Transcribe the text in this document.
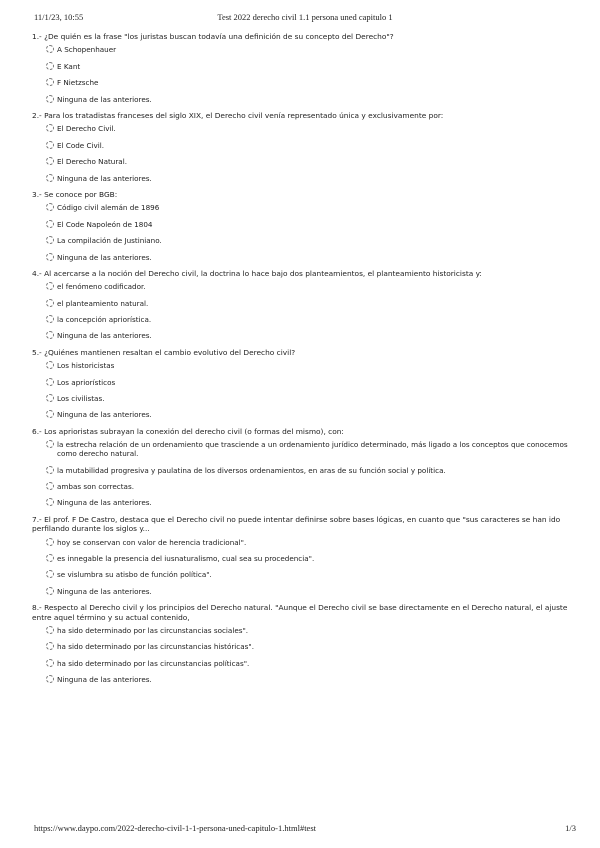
11/1/23, 10:55	Test 2022 derecho civil 1.1 persona uned capitulo 1

1.- ¿De quién es la frase "los juristas buscan todavía una definición de su concepto del Derecho"?

A Schopenhauer
E Kant
F Nietzsche
Ninguna de las anteriores.

2.- Para los tratadistas franceses del siglo XIX, el Derecho civil venía representado única y exclusivamente por:

El Derecho Civil.
El Code Civil.
El Derecho Natural.
Ninguna de las anteriores.

3.- Se conoce por BGB:

Código civil alemán de 1896
El Code Napoleón de 1804
La compilación de Justiniano.
Ninguna de las anteriores.

4.- Al acercarse a la noción del Derecho civil, la doctrina lo hace bajo dos planteamientos, el planteamiento historicista y:

el fenómeno codificador.
el planteamiento natural.
la concepción apriorística.
Ninguna de las anteriores.

5.- ¿Quiénes mantienen resaltan el cambio evolutivo del Derecho civil?

Los historicistas
Los apriorísticos
Los civilistas.
Ninguna de las anteriores.

6.- Los aprioristas subrayan la conexión del derecho civil (o formas del mismo), con:

la estrecha relación de un ordenamiento que trasciende a un ordenamiento jurídico determinado, más ligado a los conceptos que conocemos como derecho natural.
la mutabilidad progresiva y paulatina de los diversos ordenamientos, en aras de su función social y política.
ambas son correctas.
Ninguna de las anteriores.

7.- El prof. F De Castro, destaca que el Derecho civil no puede intentar definirse sobre bases lógicas, en cuanto que "sus caracteres se han ido perfilando durante los siglos y...

hoy se conservan con valor de herencia tradicional".
es innegable la presencia del iusnaturalismo, cual sea su procedencia".
se vislumbra su atisbo de función política".
Ninguna de las anteriores.

8.- Respecto al Derecho civil y los principios del Derecho natural. "Aunque el Derecho civil se base directamente en el Derecho natural, el ajuste entre aquel término y su actual contenido,

ha sido determinado por las circunstancias sociales".
ha sido determinado por las circunstancias históricas".
ha sido determinado por las circunstancias políticas".
Ninguna de las anteriores.
https://www.daypo.com/2022-derecho-civil-1-1-persona-uned-capitulo-1.html#test	1/3
